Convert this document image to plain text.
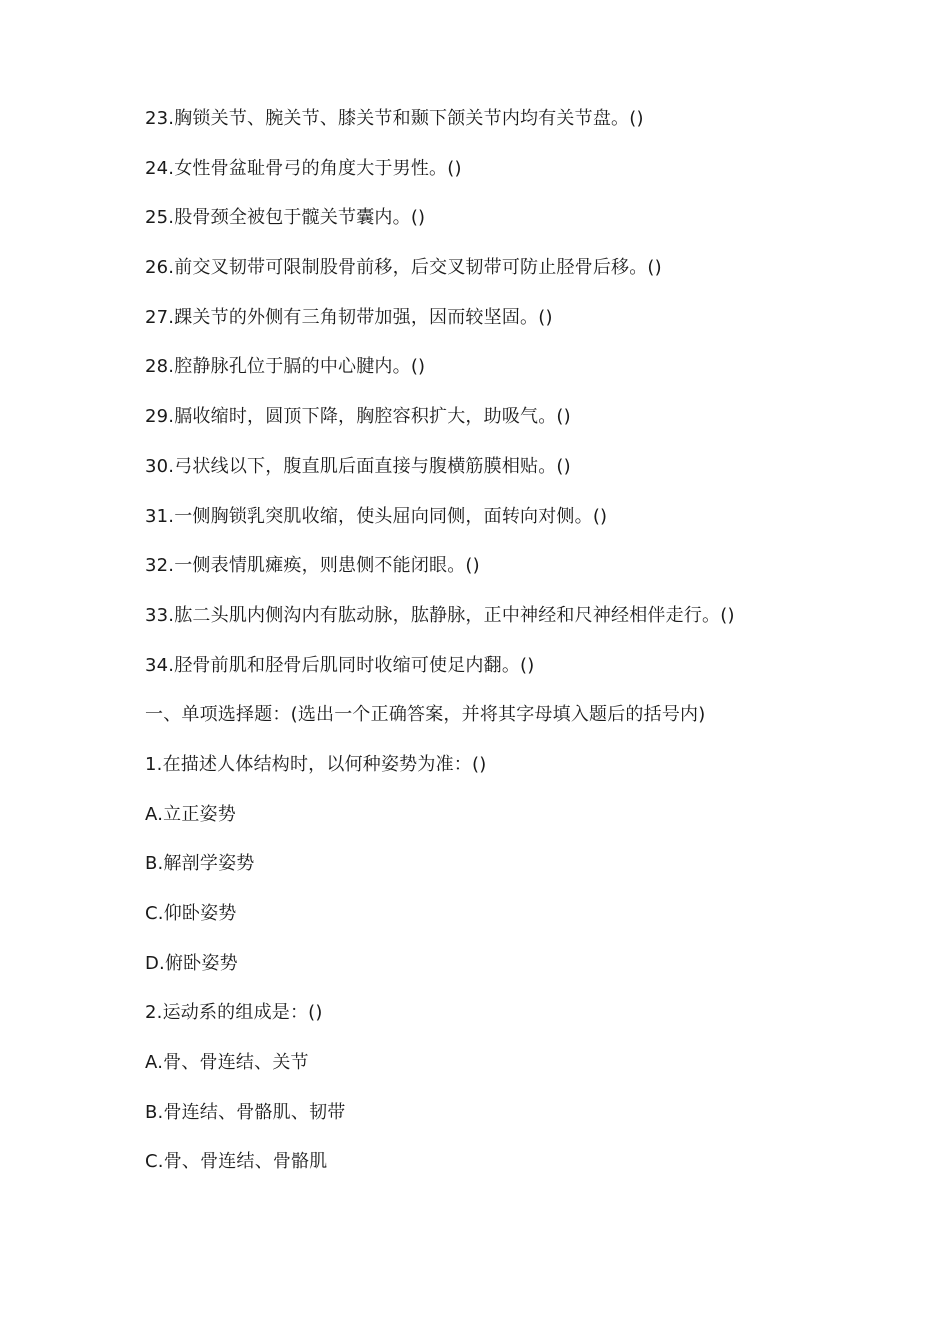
23.胸锁关节、腕关节、膝关节和颞下颌关节内均有关节盘。()
24.女性骨盆耻骨弓的角度大于男性。()
25.股骨颈全被包于髋关节囊内。()
26.前交叉韧带可限制股骨前移，后交叉韧带可防止胫骨后移。()
27.踝关节的外侧有三角韧带加强，因而较坚固。()
28.腔静脉孔位于膈的中心腱内。()
29.膈收缩时，圆顶下降，胸腔容积扩大，助吸气。()
30.弓状线以下，腹直肌后面直接与腹横筋膜相贴。()
31.一侧胸锁乳突肌收缩，使头屈向同侧，面转向对侧。()
32.一侧表情肌瘫痪，则患侧不能闭眼。()
33.肱二头肌内侧沟内有肱动脉，肱静脉，正中神经和尺神经相伴走行。()
34.胫骨前肌和胫骨后肌同时收缩可使足内翻。()
一、单项选择题：(选出一个正确答案，并将其字母填入题后的括号内)
1.在描述人体结构时，以何种姿势为准：()
A.立正姿势
B.解剖学姿势
C.仰卧姿势
D.俯卧姿势
2.运动系的组成是：()
A.骨、骨连结、关节
B.骨连结、骨骼肌、韧带
C.骨、骨连结、骨骼肌
